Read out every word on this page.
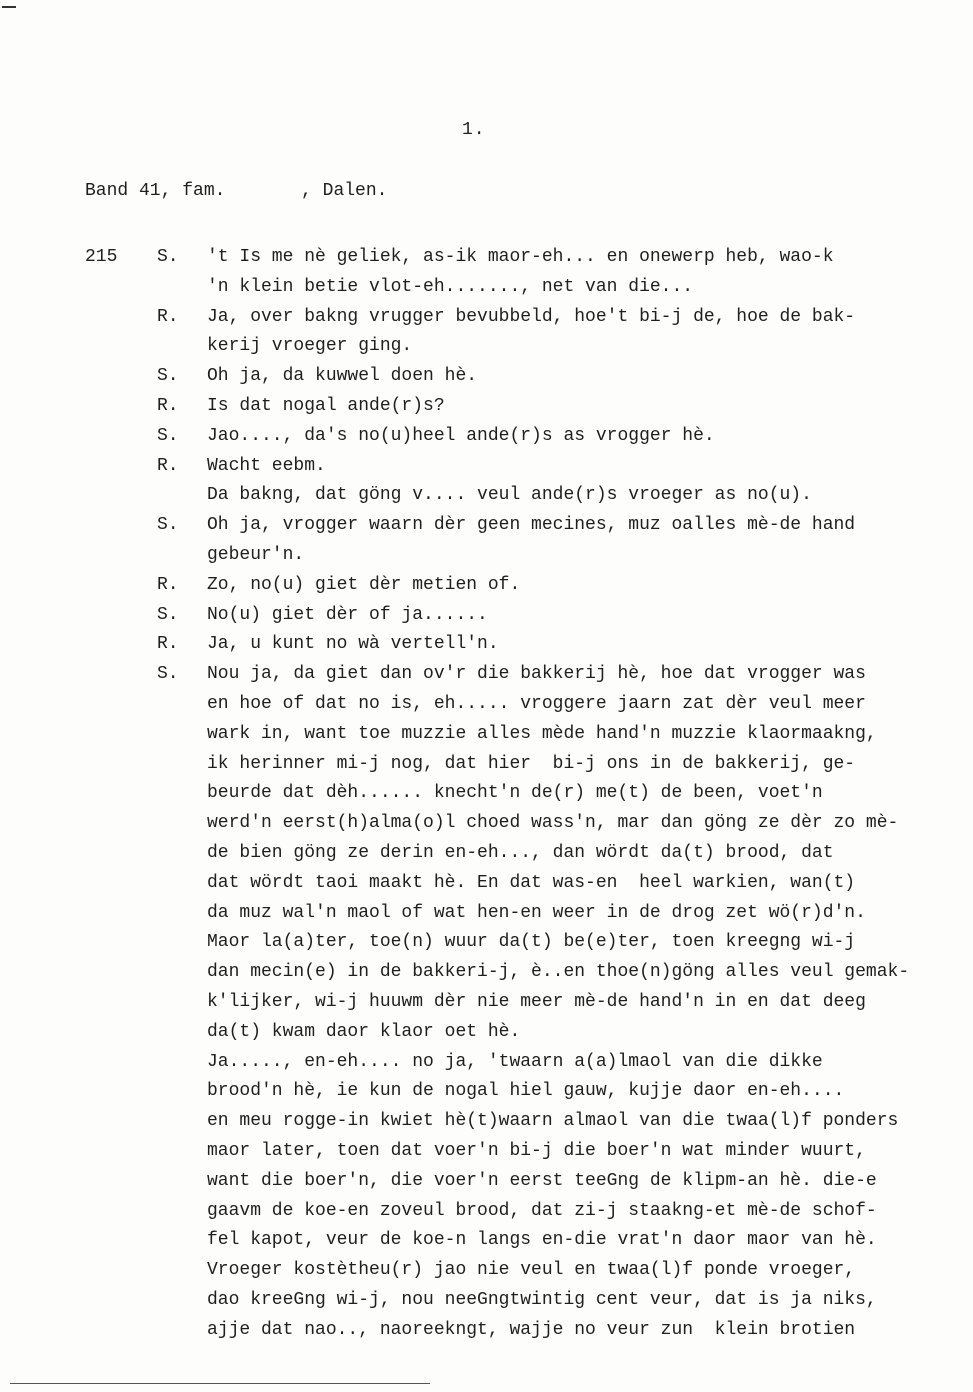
1.
Band 41, fam.       , Dalen.
215	S.	't Is me nè geliek, as-ik maor-eh... en onewerp heb, wao-k
'n klein betie vlot-eh......., net van die...
R.	Ja, over bakng vrugger bevubbeld, hoe't bi-j de, hoe de bak-
kerij vroeger ging.
S.	Oh ja, da kuwwel doen hè.
R.	Is dat nogal ande(r)s?
S.	Jao...., da's no(u)heel ande(r)s as vrogger hè.
R.	Wacht eebm.
Da bakng, dat göng v.... veul ande(r)s vroeger as no(u).
S.	Oh ja, vrogger waarn dèr geen mecines, muz oalles mè-de hand
gebeur'n.
R.	Zo, no(u) giet dèr metien of.
S.	No(u) giet dèr of ja......
R.	Ja, u kunt no wà vertell'n.
S.	Nou ja, da giet dan ov'r die bakkerij hè, hoe dat vrogger was
en hoe of dat no is, eh..... vroggere jaarn zat dèr veul meer
wark in, want toe muzzie alles mède hand'n muzzie klaormaakng,
ik herinner mi-j nog, dat hier  bi-j ons in de bakkerij, ge-
beurde dat dèh...... knecht'n de(r) me(t) de been, voet'n
werd'n eerst(h)alma(o)l choed wass'n, mar dan göng ze dèr zo mè-
de bien göng ze derin en-eh..., dan wördt da(t) brood, dat
dat wördt taoi maakt hè. En dat was-en  heel warkien, wan(t)
da muz wal'n maol of wat hen-en weer in de drog zet wö(r)d'n.
Maor la(a)ter, toe(n) wuur da(t) be(e)ter, toen kreegng wi-j
dan mecin(e) in de bakkeri-j, è..en thoe(n)göng alles veul gemak-
k'lijker, wi-j huuwm dèr nie meer mè-de hand'n in en dat deeg
da(t) kwam daor klaor oet hè.
Ja....., en-eh.... no ja, 'twaarn a(a)lmaol van die dikke
brood'n hè, ie kun de nogal hiel gauw, kujje daor en-eh....
en meu rogge-in kwiet hè(t)waarn almaol van die twaa(l)f ponders
maor later, toen dat voer'n bi-j die boer'n wat minder wuurt,
want die boer'n, die voer'n eerst teeGng de klipm-an hè. die-e
gaavm de koe-en zoveul brood, dat zi-j staakng-et mè-de schof-
fel kapot, veur de koe-n langs en-die vrat'n daor maor van hè.
Vroeger kostètheu(r) jao nie veul en twaa(l)f ponde vroeger,
dao kreeGng wi-j, nou neeGngtwintig cent veur, dat is ja niks,
ajje dat nao.., naoreekngt, wajje no veur zun  klein brotien
